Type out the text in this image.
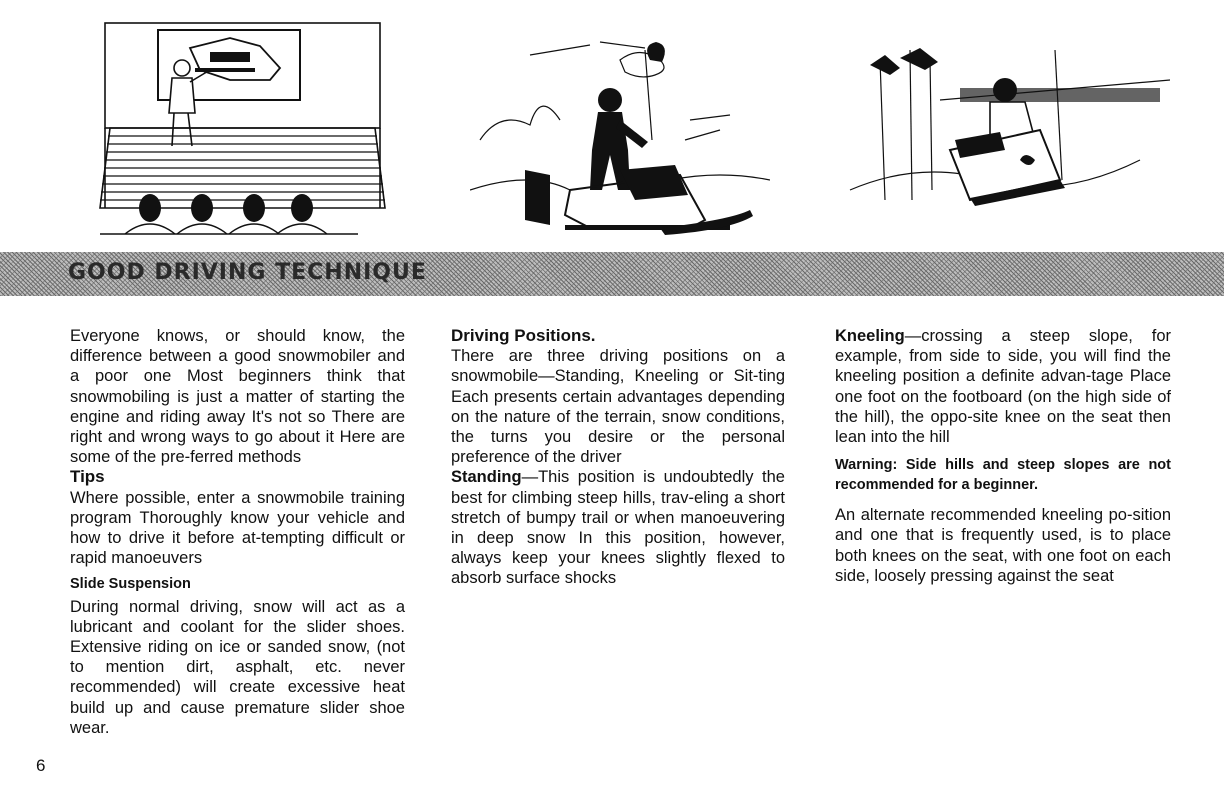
GOOD DRIVING TECHNIQUE

Everyone knows, or should know, the difference between a good snowmobiler and a poor one Most beginners think that snowmobiling is just a matter of starting the engine and riding away It's not so There are right and wrong ways to go about it Here are some of the pre-ferred methods

Tips

Where possible, enter a snowmobile training program Thoroughly know your vehicle and how to drive it before at-tempting difficult or rapid manoeuvers

Slide Suspension

During normal driving, snow will act as a lubricant and coolant for the slider shoes. Extensive riding on ice or sanded snow, (not to mention dirt, asphalt, etc. never recommended) will create excessive heat build up and cause premature slider shoe wear.

Driving Positions.

There are three driving positions on a snowmobile—Standing, Kneeling or Sit-ting Each presents certain advantages depending on the nature of the terrain, snow conditions, the turns you desire or the personal preference of the driver

Standing—This position is undoubtedly the best for climbing steep hills, trav-eling a short stretch of bumpy trail or when manoeuvering in deep snow In this position, however, always keep your knees slightly flexed to absorb surface shocks

Kneeling—crossing a steep slope, for example, from side to side, you will find the kneeling position a definite advan-tage Place one foot on the footboard (on the high side of the hill), the oppo-site knee on the seat then lean into the hill

Warning: Side hills and steep slopes are not recommended for a beginner.

An alternate recommended kneeling po-sition and one that is frequently used, is to place both knees on the seat, with one foot on each side, loosely pressing against the seat

6
